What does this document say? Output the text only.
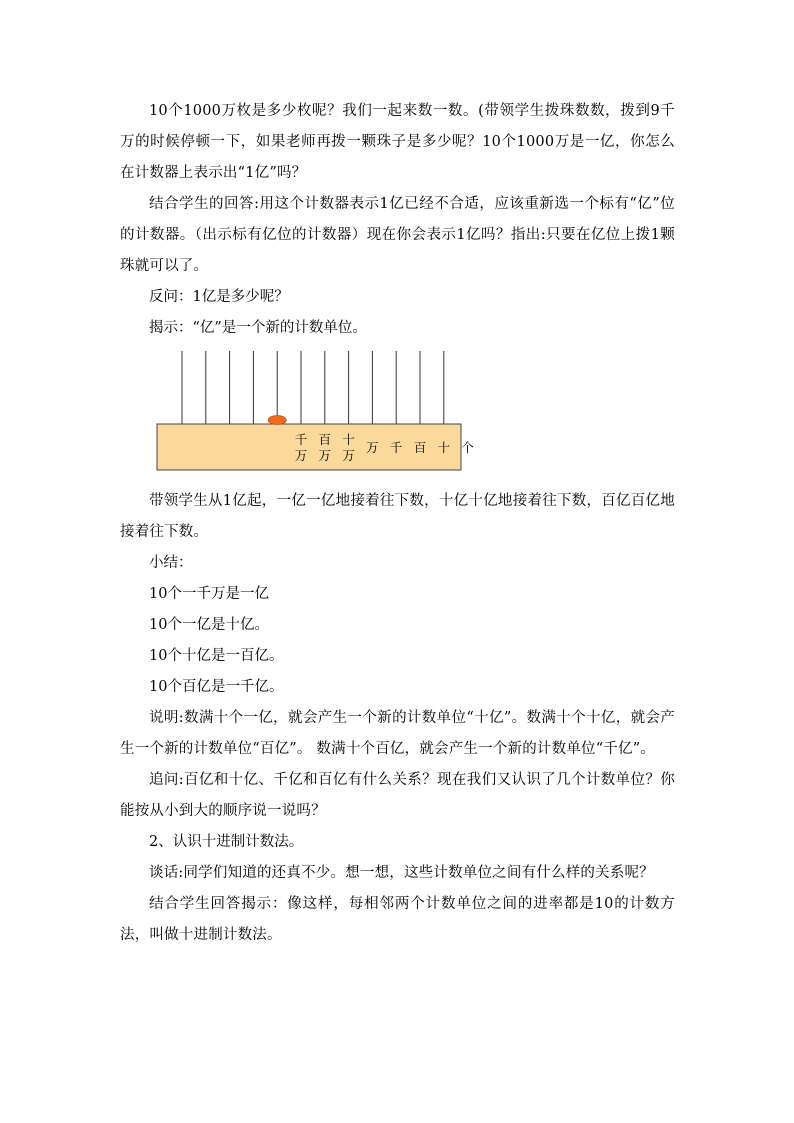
10个1000万枚是多少枚呢？我们一起来数一数。(带领学生拨珠数数，拨到9千万的时候停顿一下，如果老师再拨一颗珠子是多少呢？10个1000万是一亿，你怎么在计数器上表示出“1亿”吗？

结合学生的回答:用这个计数器表示1亿已经不合适，应该重新选一个标有“亿”位的计数器。（出示标有亿位的计数器）现在你会表示1亿吗？指出:只要在亿位上拨1颗珠就可以了。

反问：1亿是多少呢？

揭示：“亿”是一个新的计数单位。

千
万
百
万
十
万
万 千 百 十 个

带领学生从1亿起，一亿一亿地接着往下数，十亿十亿地接着往下数，百亿百亿地接着往下数。

小结：

10个一千万是一亿

10个一亿是十亿。

10个十亿是一百亿。

10个百亿是一千亿。

说明:数满十个一亿，就会产生一个新的计数单位“十亿”。数满十个十亿，就会产生一个新的计数单位“百亿”。 数满十个百亿，就会产生一个新的计数单位“千亿”。

追问:百亿和十亿、千亿和百亿有什么关系？现在我们又认识了几个计数单位？你能按从小到大的顺序说一说吗？

2、认识十进制计数法。

谈话:同学们知道的还真不少。想一想，这些计数单位之间有什么样的关系呢？

结合学生回答揭示：像这样，每相邻两个计数单位之间的进率都是10的计数方法，叫做十进制计数法。
